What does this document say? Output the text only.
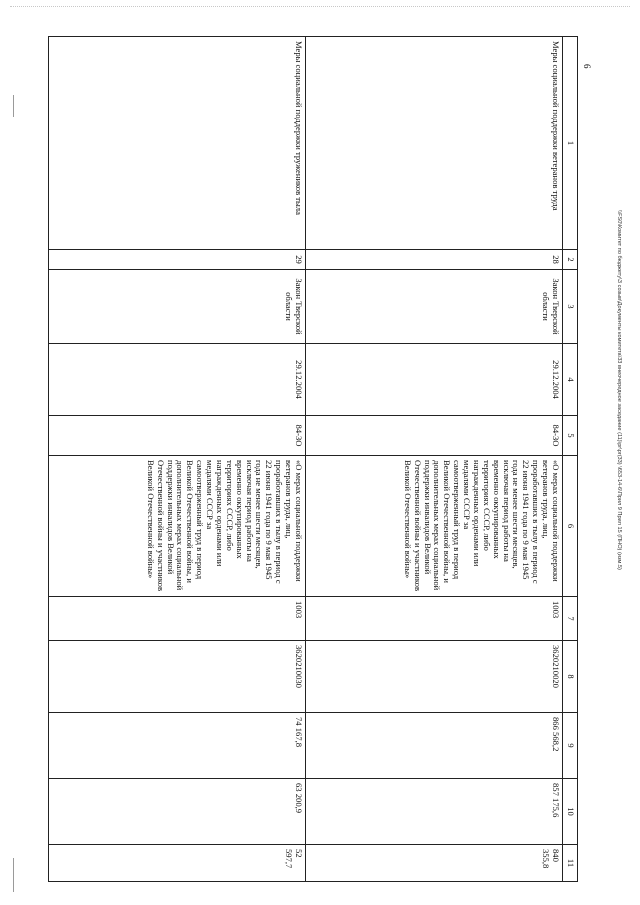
6
\\FS0\Комитет по бюджету\З созыв\Документы комитета\33 внеочередное заседание (11)\pr\pr(33) \653-14-6\Прил 9 Прил 15 (ПНО) (изм.5)
1	2	3	4	5	6	7	8	9	10	11
Меры социальной поддержки ветеранов труда	28	Закон Тверской области	29.12.2004	84-ЗО	«О мерах социальной поддержки ветеранов труда, лиц, проработавших в тылу в период с 22 июня 1941 года по 9 мая 1945 года не менее шести месяцев, исключая период работы на временно оккупированных территориях СССР, либо награжденных орденами или медалями СССР за самоотверженный труд в период Великой Отечественной войны, и дополнительных мерах социальной поддержки инвалидов Великой Отечественной войны и участников Великой Отечественной войны»	1003	3620210020	866 568,2	857 175,6	840 355,8
Меры социальной поддержки тружеников тыла	29	Закон Тверской области	29.12.2004	84-ЗО	«О мерах социальной поддержки ветеранов труда, лиц, проработавших в тылу в период с 22 июня 1941 года по 9 мая 1945 года не менее шести месяцев, исключая период работы на временно оккупированных территориях СССР, либо награжденных орденами или медалями СССР за самоотверженный труд в период Великой Отечественной войны, и дополнительных мерах социальной поддержки инвалидов Великой Отечественной войны и участников Великой Отечественной войны»	1003	3620210030	74 167,8	63 200,9	52 597,7
